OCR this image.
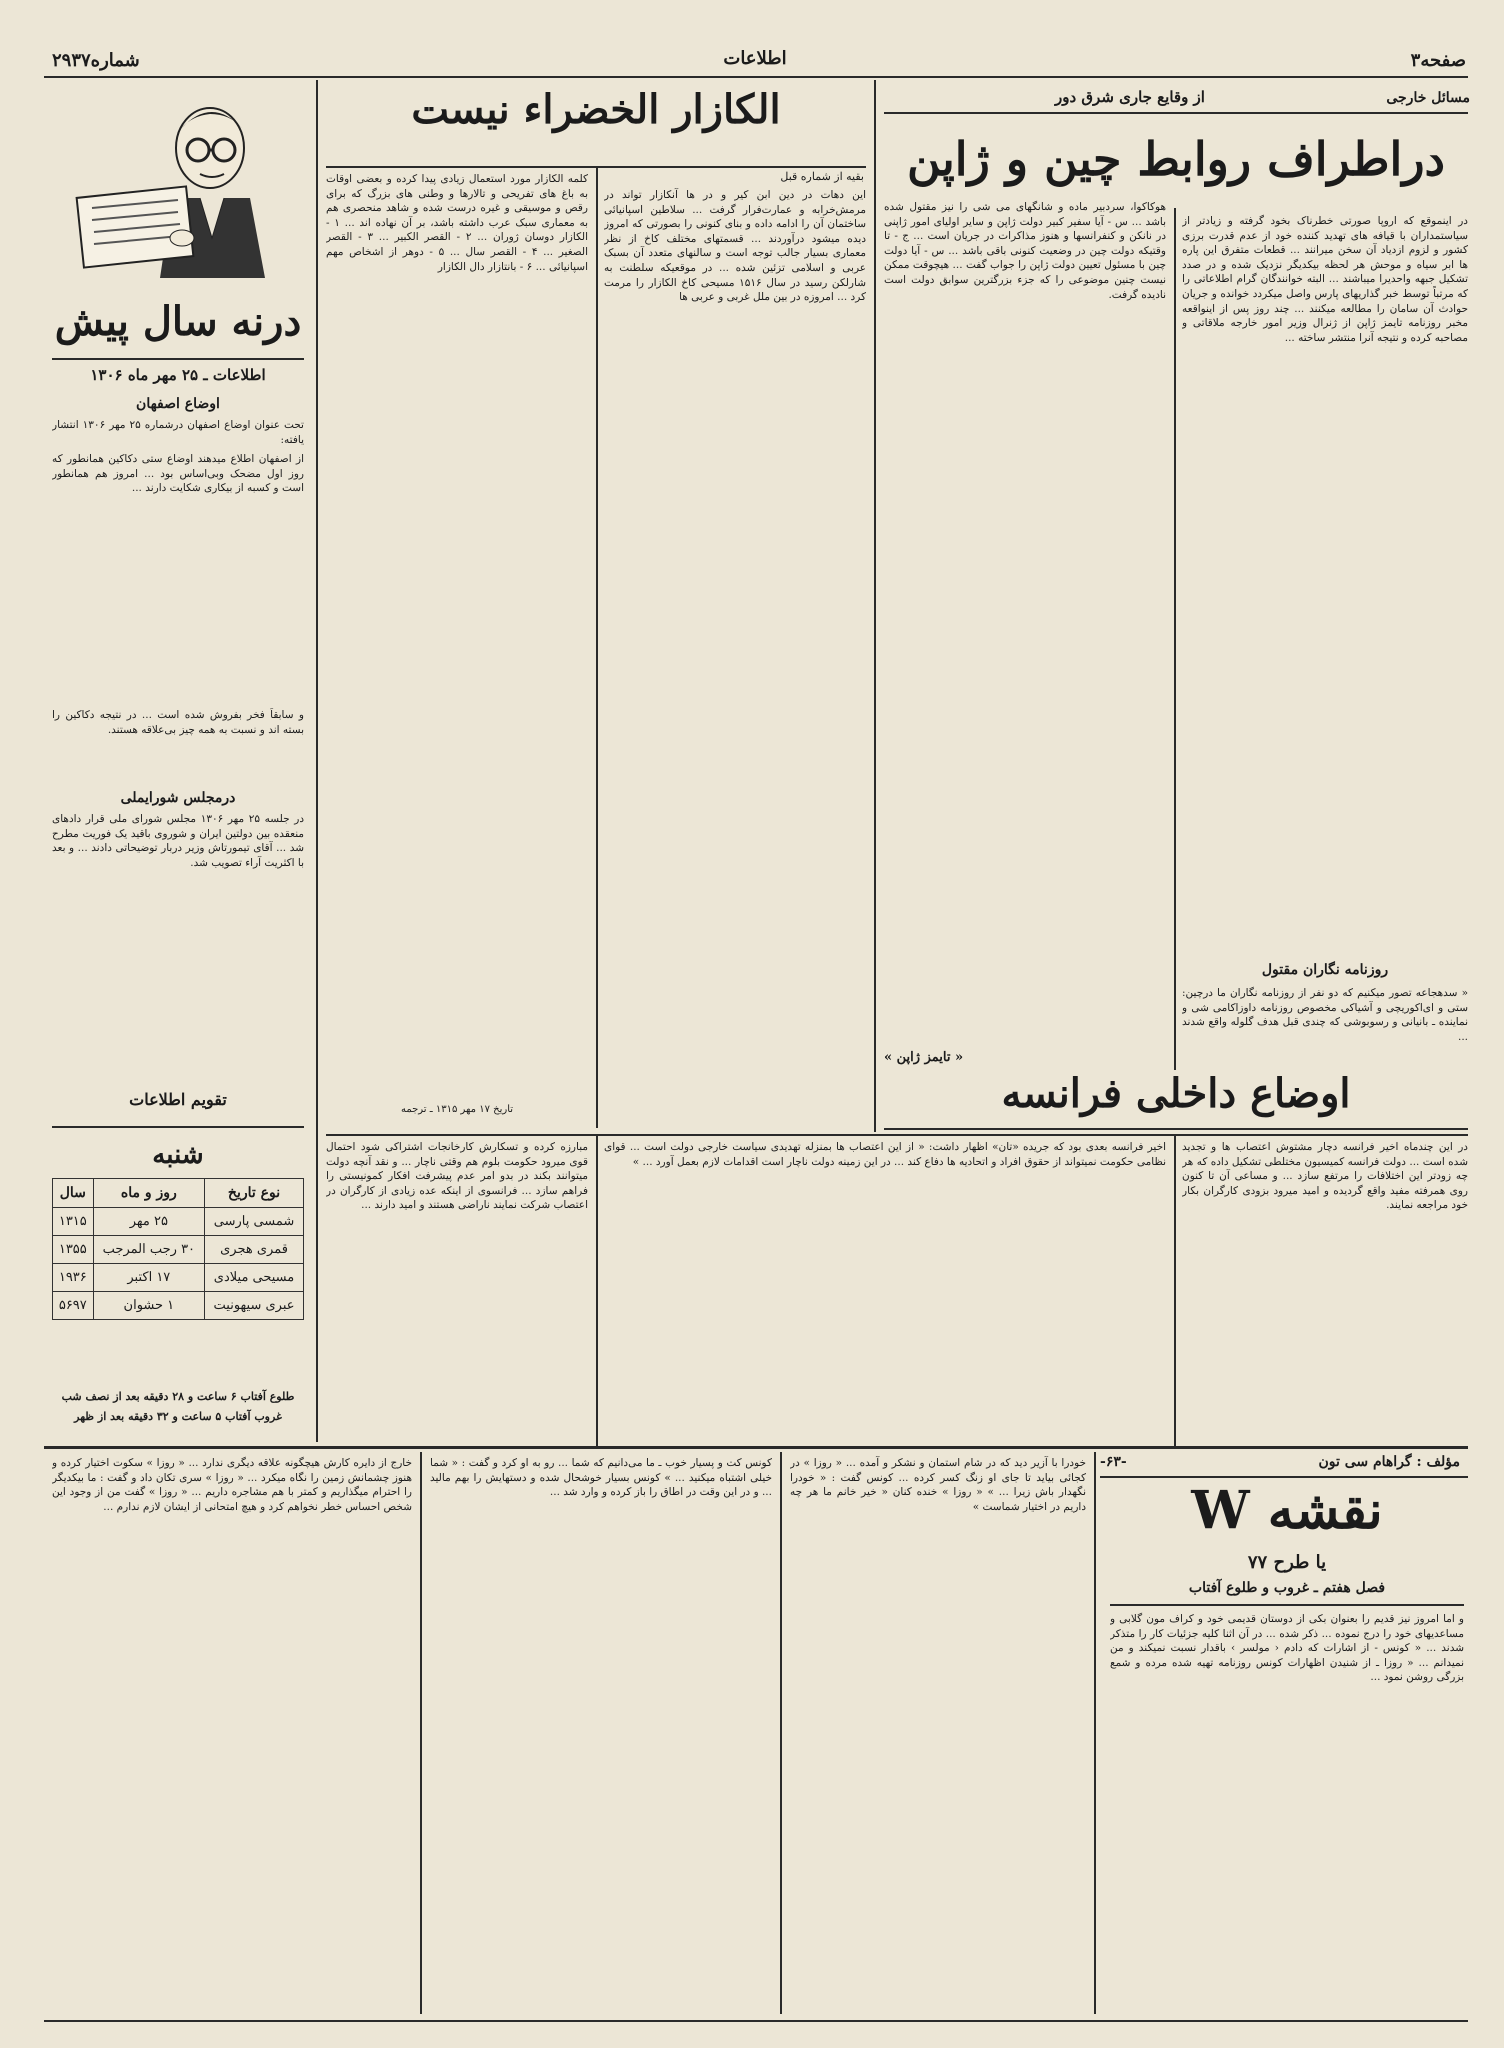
صفحه۳
اطلاعات
شماره۲۹۳۷
درنه سال پیش
اطلاعات ـ ۲۵ مهر ماه ۱۳۰۶
اوضاع اصفهان
تحت عنوان اوضاع اصفهان درشماره ۲۵ مهر ۱۳۰۶ انتشار یافته:
از اصفهان اطلاع میدهند اوضاع ستی دکاکین همانطور که روز اول مضحک وبی‌اساس بود ... امروز هم همانطور است و کسبه از بیکاری شکایت دارند ...
و سابقاً فخر بفروش شده است ... در نتیجه دکاکین را بسته اند و نسبت به همه چیز بی‌علاقه هستند.
درمجلس شورایملی
در جلسه ۲۵ مهر ۱۳۰۶ مجلس شورای ملی قرار دادهای منعقده بین دولتین ایران و شوروی باقید یک فوریت مطرح شد ... آقای تیمورتاش وزیر دربار توضیحاتی دادند ... و بعد با اکثریت آراء تصویب شد.
تقویم اطلاعات
شنبه
نوع تاریخ	روز و ماه	سال
شمسی پارسی	۲۵ مهر	۱۳۱۵
قمری هجری	۳۰ رجب المرجب	۱۳۵۵
مسیحی میلادی	۱۷ اکتبر	۱۹۳۶
عبری سیهونیت	۱ حشوان	۵۶۹۷
طلوع آفتاب ۶ ساعت و ۲۸ دقیقه بعد از نصف شب
غروب آفتاب ۵ ساعت و ۳۲ دقیقه بعد از ظهر
الکازار الخضراء نیست
بقیه از شماره قبل
این دهات در دین ابن کیر و در ها آنکازار تواند در مرمش‌خرابه و عمارت‌فرار گرفت ... سلاطین اسپانیائی ساختمان آن را ادامه داده و بنای کنونی را بصورتی که امروز دیده میشود درآوردند ... قسمتهای مختلف کاخ از نظر معماری بسیار جالب توجه است و سالنهای متعدد آن بسبک عربی و اسلامی تزئین شده ... در موقعیکه سلطنت به شارلکن رسید در سال ۱۵۱۶ مسیحی کاخ الکازار را مرمت کرد ... امروزه در بین ملل غربی و عربی ها
کلمه الکازار مورد استعمال زیادی پیدا کرده و بعضی اوقات به باغ های تفریحی و تالارها و وطنی های بزرگ که برای رقص و موسیقی و غیره درست شده و شاهد منحصری هم به معماری سبک عرب داشته باشد، بر آن نهاده اند ... ۱ - الکازار دوسان ژوران ... ۲ - القصر الکبیر ... ۳ - القصر الصغیر ... ۴ - القصر سال ... ۵ - دوهر از اشخاص مهم اسپانیائی ... ۶ - بانتازار دال الکازار
تاریخ ۱۷ مهر ۱۳۱۵ ـ ترجمه
مسائل خارجی
از وقایع جاری شرق دور
دراطراف روابط چین و ژاپن
در اینموقع که اروپا صورتی خطرناک بخود گرفته و زیادتر از سیاستمداران با قیافه های تهدید کننده خود از عدم قدرت برزی کشور و لزوم ازدیاد آن سخن میرانند ... قطعات متفرق این پاره ها ابر سیاه و موحش هر لحظه بیکدیگر نزدیک شده و در صدد تشکیل جبهه واحدیرا میباشند ... البته خوانندگان گرام اطلاعاتی را که مرتباً توسط خبر گذاریهای پارس واصل میکردد خوانده و جریان حوادث آن سامان را مطالعه میکنند ... چند روز پس از اینواقعه مخبر روزنامه تایمز ژاپن از ژنرال وزیر امور خارجه ملاقاتی و مصاحبه کرده و نتیجه آنرا منتشر ساخته ...
هوکاکوا، سردبیر ماده و شانگهای می شی را نیز مقتول شده باشد ... س - آیا سفیر کبیر دولت ژاپن و سایر اولیای امور ژاپنی در نانکن و کنفرانسها و هنوز مذاکرات در جریان است ... ج - تا وقتیکه دولت چین در وضعیت کنونی باقی باشد ... س - آیا دولت چین با مسئول تعیین دولت ژاپن را جواب گفت ... هیچوقت ممکن نیست چنین موضوعی را که جزء بزرگترین سوابق دولت است نادیده گرفت.
« تایمز ژاپن »
روزنامه نگاران مقتول
« سدهجاعه تصور میکنیم که دو نفر از روزنامه نگاران ما درچین: ستی و ای‌اکوریچی و آشیاکی مخصوص روزنامه داوزاکامی شی و نماینده ـ بانیانی و رسوبوشی که چندی قبل هدف گلوله واقع شدند ...
اوضاع داخلی فرانسه
در این چندماه اخیر فرانسه دچار مشتوش اعتصاب ها و تجدید شده است ... دولت فرانسه کمیسیون مختلطی تشکیل داده که هر چه زودتر این اختلافات را مرتفع سازد ... و مساعی آن تا کنون روی همرفته مفید واقع گردیده و امید میرود بزودی کارگران بکار خود مراجعه نمایند.
اخیر فرانسه بعدی بود که جریده «تان» اظهار داشت: « از این اعتصاب ها بمنزله تهدیدی سیاست خارجی دولت است ... قوای نظامی حکومت نمیتواند از حقوق افراد و اتحادیه ها دفاع کند ... در این زمینه دولت ناچار است اقدامات لازم بعمل آورد ... »
مبارزه کرده و تسکارش کارخانجات اشتراکی شود احتمال قوی میرود حکومت بلوم هم وقتی ناچار ... و نقد آنچه دولت میتوانند بکند در بدو امر عدم پیشرفت افکار کمونیستی را فراهم سازد ... فرانسوی از اینکه عده زیادی از کارگران در اعتصاب شرکت نمایند ناراضی هستند و امید دارند ...
مؤلف : گراهام سی تون
-۶۳-
نقشه W
یا طرح ۷۷
فصل هفتم ـ غروب و طلوع آفتاب
و اما امروز نیز قدیم را بعنوان بکی از دوستان قدیمی خود و کراف مون گلابی و مساعدیهای خود را درج نموده ... ذکر شده ... در آن اثنا کلیه جزئیات کار را متذکر شدند ... « کونس - از اشارات که دادم ‹ مولسر › باقدار نسبت نمیکند و من نمیدانم ... « روزا ـ از شنیدن اظهارات کونس روزنامه تهیه شده مرده و شمع بزرگی روشن نمود ...
خودرا با آزیر دید که در شام استمان و نشکر و آمده ... « روزا » در کجائی بیاید تا جای او زنگ کسر کرده ... کونس گفت : « خودرا نگهدار باش زیرا ... » « روزا » خنده کنان « خیر خانم ما هر چه داریم در اختیار شماست »
کونس کت و پسیار خوب ـ ما می‌دانیم که شما ... رو به او کرد و گفت : « شما خیلی اشتباه میکنید ... » کونس بسیار خوشحال شده و دستهایش را بهم مالید ... و در این وقت در اطاق را باز کرده و وارد شد ...
خارج از دایره کارش هیچگونه علاقه دیگری ندارد ... « روزا » سکوت اختیار کرده و هنوز چشمانش زمین را نگاه میکرد ... « روزا » سری تکان داد و گفت : ما بیکدیگر را احترام میگذاریم و کمتر با هم مشاجره داریم ... « روزا » گفت من از وجود این شخص احساس خطر نخواهم کرد و هیچ امتحانی از ایشان لازم ندارم ...
